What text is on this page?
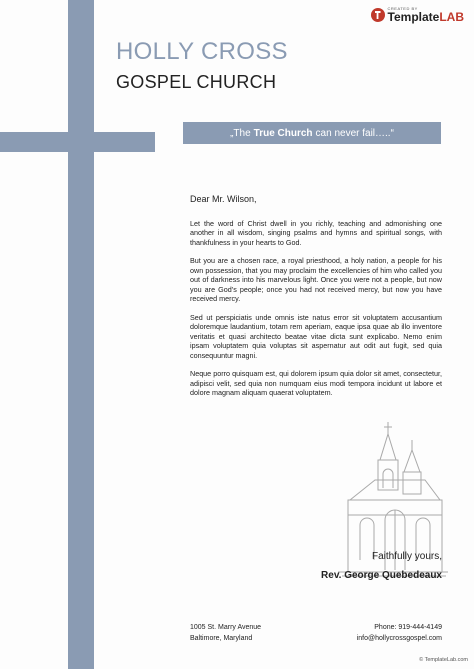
CREATED BY
TemplateLAB
HOLLY CROSS
GOSPEL CHURCH
„The True Church can never fail…..“
Dear Mr. Wilson,

Let the word of Christ dwell in you richly, teaching and admonishing one another in all wisdom, singing psalms and hymns and spiritual songs, with thankfulness in your hearts to God.

But you are a chosen race, a royal priesthood, a holy nation, a people for his own possession, that you may proclaim the excellencies of him who called you out of darkness into his marvelous light. Once you were not a people, but now you are God’s people; once you had not received mercy, but now you have received mercy.

Sed ut perspiciatis unde omnis iste natus error sit voluptatem accusantium doloremque laudantium, totam rem aperiam, eaque ipsa quae ab illo inventore veritatis et quasi architecto beatae vitae dicta sunt explicabo. Nemo enim ipsam voluptatem quia voluptas sit aspernatur aut odit aut fugit, sed quia consequuntur magni.

Neque porro quisquam est, qui dolorem ipsum quia dolor sit amet, consectetur, adipisci velit, sed quia non numquam eius modi tempora incidunt ut labore et dolore magnam aliquam quaerat voluptatem.

Faithfully yours,
Rev. George Quebedeaux
1005 St. Marry Avenue
Baltimore, Maryland
Phone: 919-444-4149
info@hollycrossgospel.com
© TemplateLab.com
